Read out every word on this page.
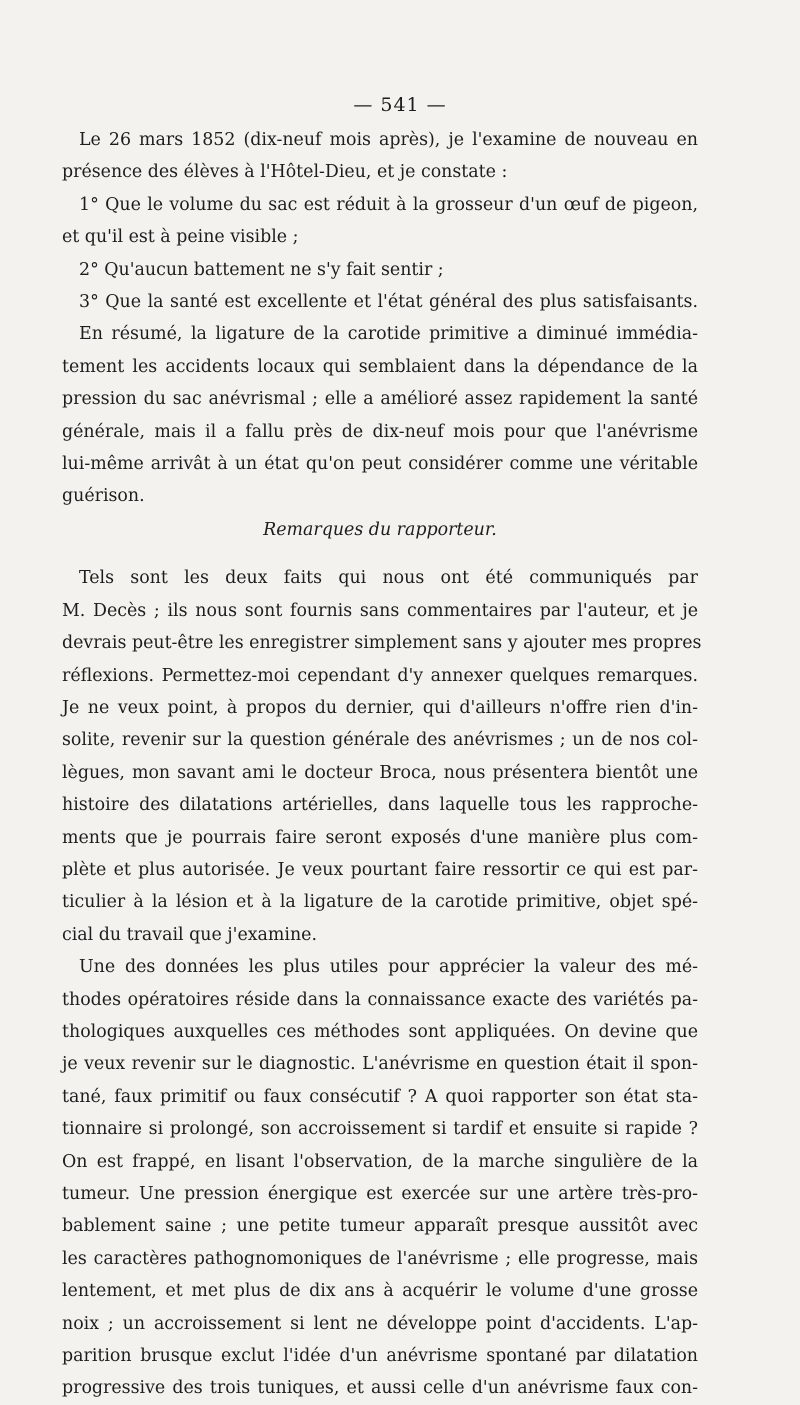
— 541 —
Le 26 mars 1852 (dix-neuf mois après), je l'examine de nouveau en
présence des élèves à l'Hôtel-Dieu, et je constate :
1° Que le volume du sac est réduit à la grosseur d'un œuf de pigeon,
et qu'il est à peine visible ;
2° Qu'aucun battement ne s'y fait sentir ;
3° Que la santé est excellente et l'état général des plus satisfaisants.
En résumé, la ligature de la carotide primitive a diminué immédia-
tement les accidents locaux qui semblaient dans la dépendance de la
pression du sac anévrismal ; elle a amélioré assez rapidement la santé
générale, mais il a fallu près de dix-neuf mois pour que l'anévrisme
lui-même arrivât à un état qu'on peut considérer comme une véritable
guérison.
Remarques du rapporteur.
Tels sont les deux faits qui nous ont été communiqués par
M. Decès ; ils nous sont fournis sans commentaires par l'auteur, et je
devrais peut-être les enregistrer simplement sans y ajouter mes propres
réflexions. Permettez-moi cependant d'y annexer quelques remarques.
Je ne veux point, à propos du dernier, qui d'ailleurs n'offre rien d'in-
solite, revenir sur la question générale des anévrismes ; un de nos col-
lègues, mon savant ami le docteur Broca, nous présentera bientôt une
histoire des dilatations artérielles, dans laquelle tous les rapproche-
ments que je pourrais faire seront exposés d'une manière plus com-
plète et plus autorisée. Je veux pourtant faire ressortir ce qui est par-
ticulier à la lésion et à la ligature de la carotide primitive, objet spé-
cial du travail que j'examine.
Une des données les plus utiles pour apprécier la valeur des mé-
thodes opératoires réside dans la connaissance exacte des variétés pa-
thologiques auxquelles ces méthodes sont appliquées. On devine que
je veux revenir sur le diagnostic. L'anévrisme en question était il spon-
tané, faux primitif ou faux consécutif ? A quoi rapporter son état sta-
tionnaire si prolongé, son accroissement si tardif et ensuite si rapide ?
On est frappé, en lisant l'observation, de la marche singulière de la
tumeur. Une pression énergique est exercée sur une artère très-pro-
bablement saine ; une petite tumeur apparaît presque aussitôt avec
les caractères pathognomoniques de l'anévrisme ; elle progresse, mais
lentement, et met plus de dix ans à acquérir le volume d'une grosse
noix ; un accroissement si lent ne développe point d'accidents. L'ap-
parition brusque exclut l'idée d'un anévrisme spontané par dilatation
progressive des trois tuniques, et aussi celle d'un anévrisme faux con-
